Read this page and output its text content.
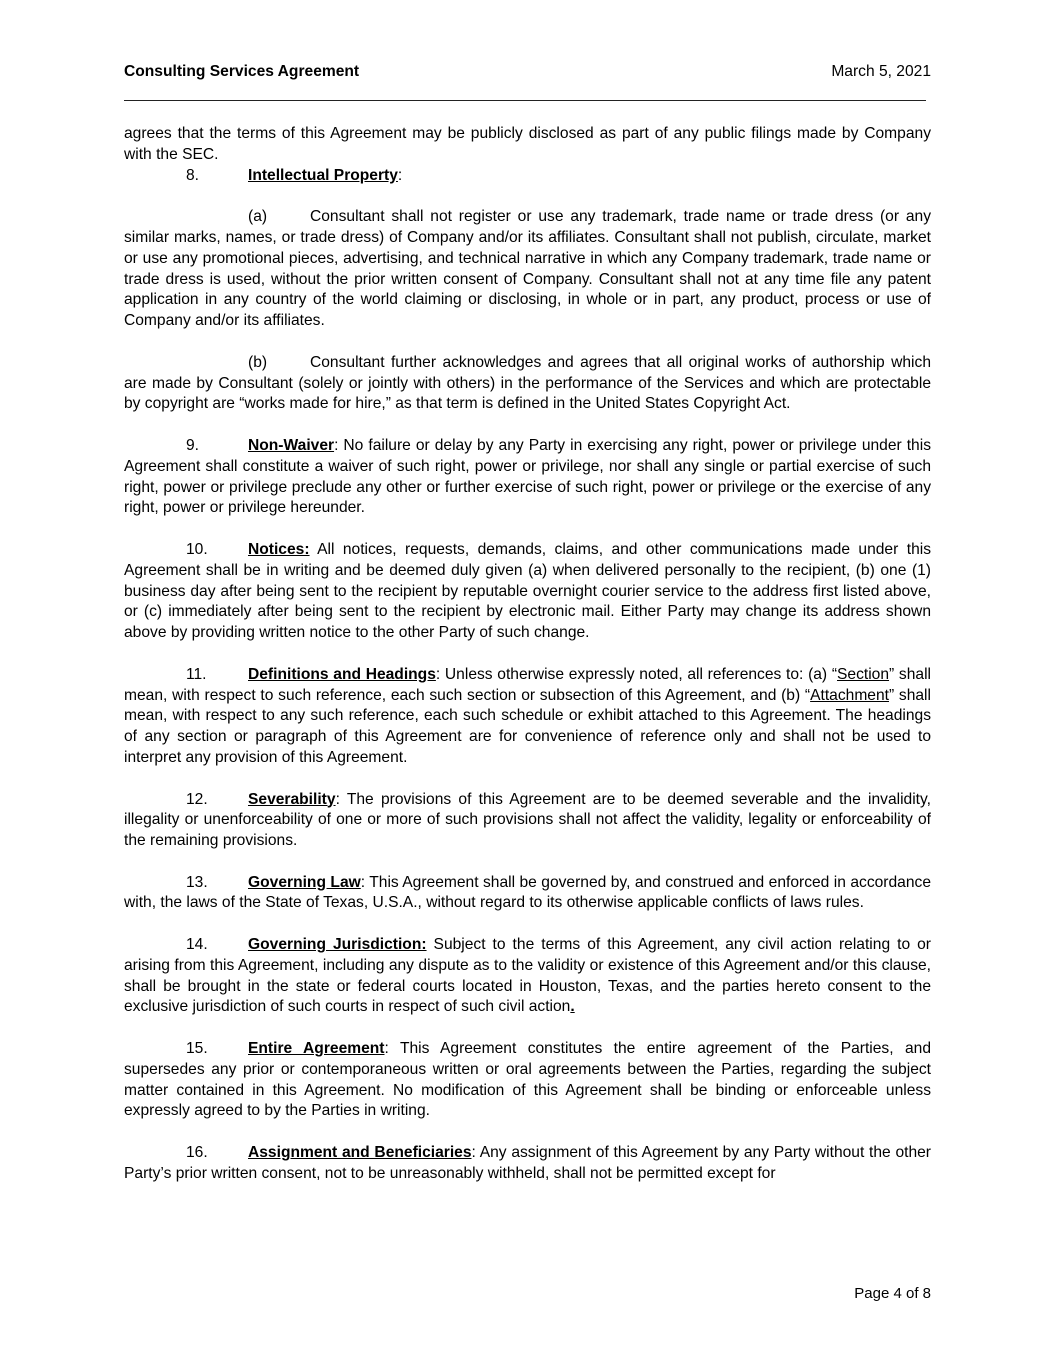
Consulting Services Agreement	March 5, 2021

agrees that the terms of this Agreement may be publicly disclosed as part of any public filings made by Company with the SEC.

8.	Intellectual Property:

(a)	Consultant shall not register or use any trademark, trade name or trade dress (or any similar marks, names, or trade dress) of Company and/or its affiliates. Consultant shall not publish, circulate, market or use any promotional pieces, advertising, and technical narrative in which any Company trademark, trade name or trade dress is used, without the prior written consent of Company. Consultant shall not at any time file any patent application in any country of the world claiming or disclosing, in whole or in part, any product, process or use of Company and/or its affiliates.

(b)	Consultant further acknowledges and agrees that all original works of authorship which are made by Consultant (solely or jointly with others) in the performance of the Services and which are protectable by copyright are “works made for hire,” as that term is defined in the United States Copyright Act.

9.	Non-Waiver: No failure or delay by any Party in exercising any right, power or privilege under this Agreement shall constitute a waiver of such right, power or privilege, nor shall any single or partial exercise of such right, power or privilege preclude any other or further exercise of such right, power or privilege or the exercise of any right, power or privilege hereunder.

10.	Notices: All notices, requests, demands, claims, and other communications made under this Agreement shall be in writing and be deemed duly given (a) when delivered personally to the recipient, (b) one (1) business day after being sent to the recipient by reputable overnight courier service to the address first listed above, or (c) immediately after being sent to the recipient by electronic mail. Either Party may change its address shown above by providing written notice to the other Party of such change.

11.	Definitions and Headings: Unless otherwise expressly noted, all references to: (a) “Section” shall mean, with respect to such reference, each such section or subsection of this Agreement, and (b) “Attachment” shall mean, with respect to any such reference, each such schedule or exhibit attached to this Agreement. The headings of any section or paragraph of this Agreement are for convenience of reference only and shall not be used to interpret any provision of this Agreement.

12.	Severability: The provisions of this Agreement are to be deemed severable and the invalidity, illegality or unenforceability of one or more of such provisions shall not affect the validity, legality or enforceability of the remaining provisions.

13.	Governing Law: This Agreement shall be governed by, and construed and enforced in accordance with, the laws of the State of Texas, U.S.A., without regard to its otherwise applicable conflicts of laws rules.

14.	Governing Jurisdiction: Subject to the terms of this Agreement, any civil action relating to or arising from this Agreement, including any dispute as to the validity or existence of this Agreement and/or this clause, shall be brought in the state or federal courts located in Houston, Texas, and the parties hereto consent to the exclusive jurisdiction of such courts in respect of such civil action.

15.	Entire Agreement: This Agreement constitutes the entire agreement of the Parties, and supersedes any prior or contemporaneous written or oral agreements between the Parties, regarding the subject matter contained in this Agreement. No modification of this Agreement shall be binding or enforceable unless expressly agreed to by the Parties in writing.

16.	Assignment and Beneficiaries: Any assignment of this Agreement by any Party without the other Party’s prior written consent, not to be unreasonably withheld, shall not be permitted except for

Page 4 of 8
